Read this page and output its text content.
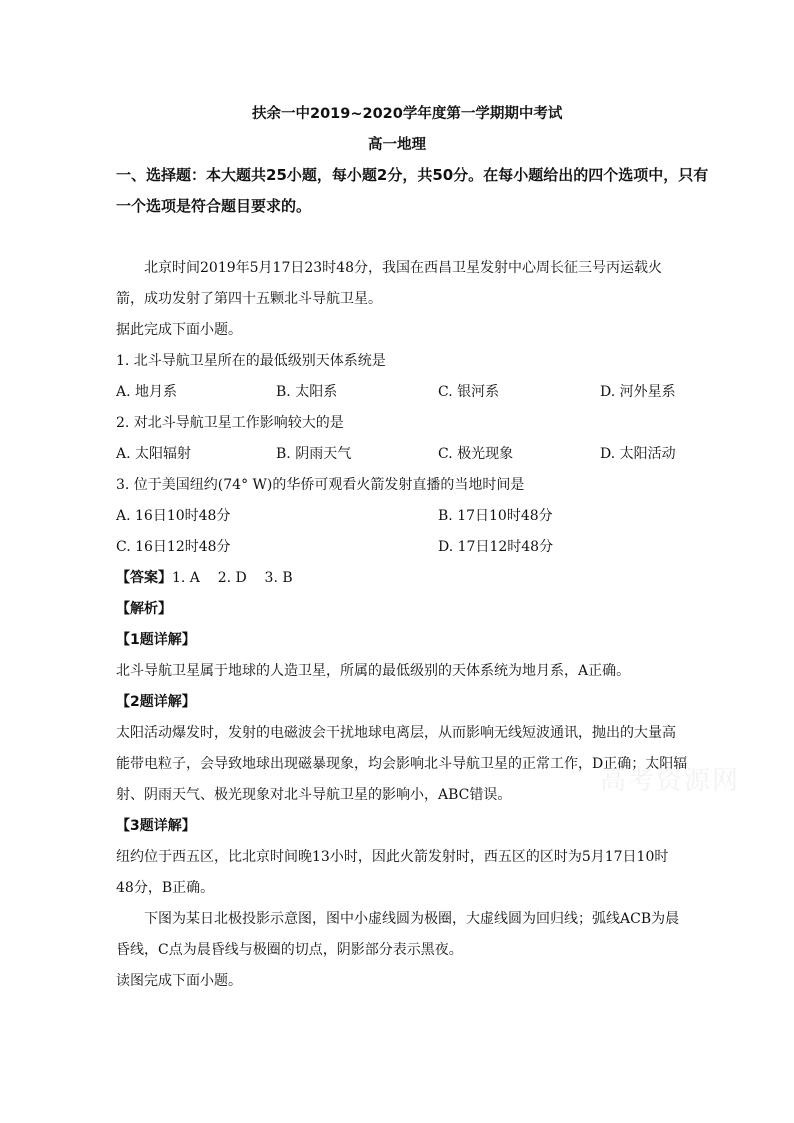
扶余一中2019~2020学年度第一学期期中考试
高一地理
一、选择题：本大题共25小题，每小题2分，共50分。在每小题给出的四个选项中，只有
一个选项是符合题目要求的。
北京时间2019年5月17日23时48分，我国在西昌卫星发射中心周长征三号丙运载火
箭，成功发射了第四十五颗北斗导航卫星。
据此完成下面小题。
1. 北斗导航卫星所在的最低级别天体系统是
A. 地月系	B. 太阳系	C. 银河系	D. 河外星系
2. 对北斗导航卫星工作影响较大的是
A. 太阳辐射	B. 阴雨天气	C. 极光现象	D. 太阳活动
3. 位于美国纽约(74° W)的华侨可观看火箭发射直播的当地时间是
A. 16日10时48分	B. 17日10时48分
C. 16日12时48分	D. 17日12时48分
【答案】1. A    2. D    3. B
【解析】
【1题详解】
北斗导航卫星属于地球的人造卫星，所属的最低级别的天体系统为地月系，A正确。
【2题详解】
太阳活动爆发时，发射的电磁波会干扰地球电离层，从而影响无线短波通讯，抛出的大量高
能带电粒子，会导致地球出现磁暴现象，均会影响北斗导航卫星的正常工作，D正确；太阳辐
射、阴雨天气、极光现象对北斗导航卫星的影响小，ABC错误。
【3题详解】
纽约位于西五区，比北京时间晚13小时，因此火箭发射时，西五区的区时为5月17日10时
48分，B正确。
下图为某日北极投影示意图，图中小虚线圆为极圈，大虚线圆为回归线；弧线ACB为晨
昏线，C点为晨昏线与极圈的切点，阴影部分表示黑夜。
读图完成下面小题。
高考资源网
